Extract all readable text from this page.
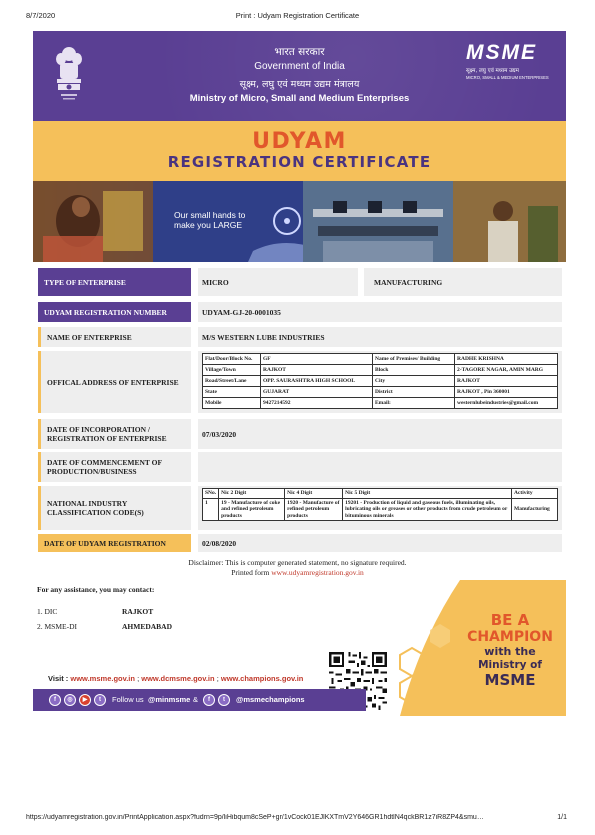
8/7/2020	Print : Udyam Registration Certificate
भारत सरकार
Government of India
सूक्ष्म, लघु एवं मध्यम उद्यम मंत्रालय
Ministry of Micro, Small and Medium Enterprises
MSME
सूक्ष्म, लघु एवं मध्यम उद्यम
MICRO, SMALL & MEDIUM ENTERPRISES
UDYAM
REGISTRATION CERTIFICATE
Our small hands to
make you LARGE
TYPE OF ENTERPRISE	MICRO	MANUFACTURING
UDYAM REGISTRATION NUMBER	UDYAM-GJ-20-0001035
NAME OF ENTERPRISE	M/S WESTERN LUBE INDUSTRIES
OFFICAL ADDRESS OF ENTERPRISE
Flat/Door/Block No.	GF	Name of Premises/ Building	RADHE KRISHNA
Village/Town	RAJKOT	Block	2-TAGORE NAGAR, AMIN MARG
Road/Street/Lane	OPP. SAURASHTRA HIGH SCHOOL	City	RAJKOT
State	GUJARAT	District	RAJKOT , Pin 360001
Mobile	9427214592	Email:	westernlubeindustries@gmail.com
DATE OF INCORPORATION / REGISTRATION OF ENTERPRISE	07/03/2020
DATE OF COMMENCEMENT OF PRODUCTION/BUSINESS
NATIONAL INDUSTRY CLASSIFICATION CODE(S)
SNo.	Nic 2 Digit	Nic 4 Digit	Nic 5 Digit	Activity
1	19 - Manufacture of coke and refined petroleum products	1920 - Manufacture of refined petroleum products	19201 - Production of liquid and gaseous fuels, illuminating oils, lubricating oils or greases or other products from crude petroleum or bituminous minerals	Manufacturing
DATE OF UDYAM REGISTRATION	02/08/2020
Disclaimer: This is computer generated statement, no signature required.
Printed form www.udyamregistration.gov.in
For any assistance, you may contact:
1. DIC	RAJKOT
2. MSME-DI	AHMEDABAD	BE A
CHAMPION
with the
Ministry of
MSME
Visit : www.msme.gov.in ; www.dcmsme.gov.in ; www.champions.gov.in
f	◎	▶	t	Follow us @minmsme &	f	t	@msmechampions
https://udyamregistration.gov.in/PrintApplication.aspx?fudrn=9p/liHibqum8cSeP+gr/1vCock01EJlKXTmV2Y646GR1hdtlN4qckBR1z7iR8ZP4&smu…	1/1
